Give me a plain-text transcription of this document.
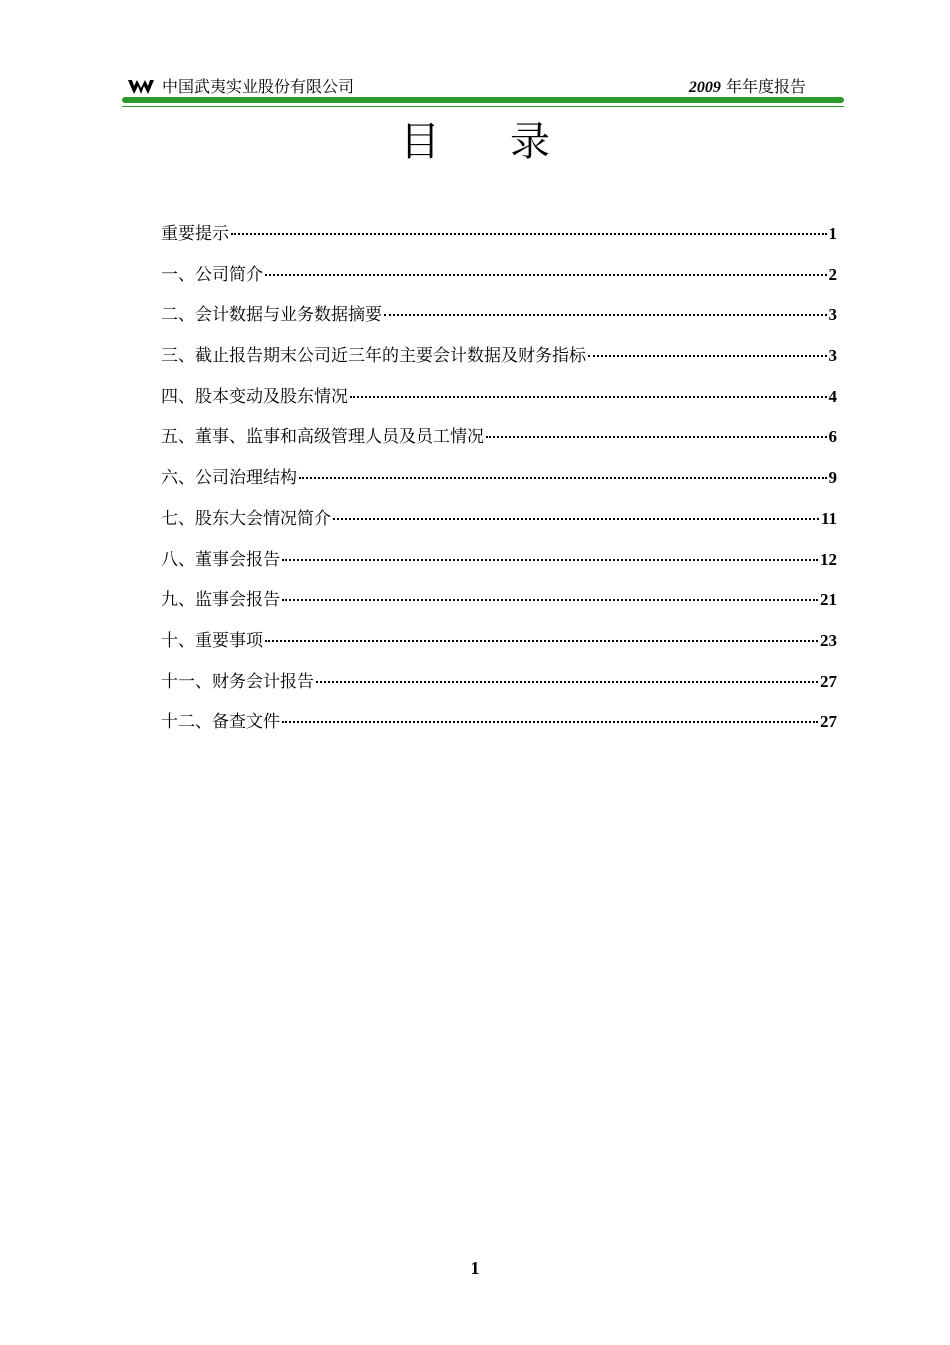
中国武夷实业股份有限公司	2009 年年度报告
目 录
重要提示	1
一、公司简介	2
二、会计数据与业务数据摘要	3
三、截止报告期末公司近三年的主要会计数据及财务指标	3
四、股本变动及股东情况	4
五、董事、监事和高级管理人员及员工情况	6
六、公司治理结构	9
七、股东大会情况简介	11
八、董事会报告	12
九、监事会报告	21
十、重要事项	23
十一、财务会计报告	27
十二、备查文件	27
1
